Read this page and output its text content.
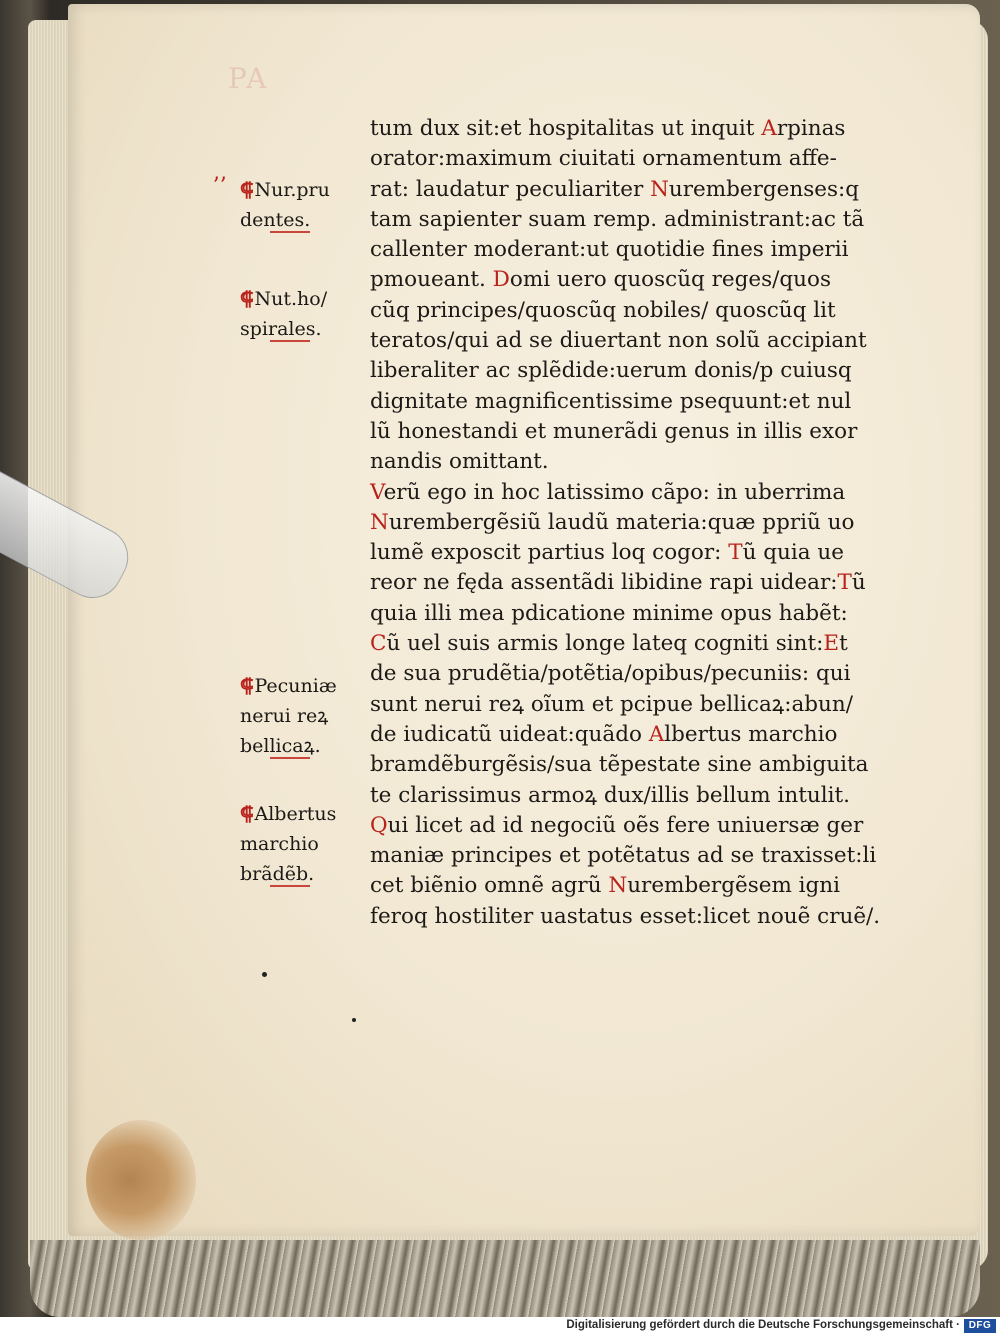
PA
ʼʼ
tum dux sit:et hospitalitas ut inquit Arpinas
orator:maximum ciuitati ornamentum affe-
rat: laudatur peculiariter Nurembergenses:q
tam sapienter suam remp. administrant:ac tã
callenter moderant:ut quotidie fines imperii
pmoueant. Domi uero quoscũq reges/quos
cũq principes/quoscũq nobiles/ quoscũq lit
teratos/qui ad se diuertant non solũ accipiant
liberaliter ac splẽdide:uerum donis/p cuiusq
dignitate magnificentissime psequunt:et nul
lũ honestandi et munerãdi genus in illis exor
nandis omittant.
Verũ ego in hoc latissimo cãpo: in uberrima
Nurembergẽsiũ laudũ materia:quæ ppriũ uo
lumẽ exposcit partius loq cogor: Tũ quia ue
reor ne fęda assentãdi libidine rapi uidear:Tũ
quia illi mea pdicatione minime opus habẽt:
Cũ uel suis armis longe lateq cogniti sint:Et
de sua prudẽtia/potẽtia/opibus/pecuniis: qui
sunt nerui reꝝ oĩum et pcipue bellicaꝝ:abun/
de iudicatũ uideat:quãdo Albertus marchio
bramdẽburgẽsis/sua tẽpestate sine ambiguita
te clarissimus armoꝝ dux/illis bellum intulit.
Qui licet ad id negociũ oẽs fere uniuersæ ger
maniæ principes et potẽtatus ad se traxisset:li
cet biẽnio omnẽ agrũ Nurembergẽsem igni
feroq hostiliter uastatus esset:licet nouẽ cruẽ/.
⸿Nur.pru
dentes.
⸿Nut.ho/
spirales.
⸿Pecuniæ
nerui reꝝ
bellicaꝝ.
⸿Albertus
marchio
brãdẽb.
Digitalisierung gefördert durch die Deutsche Forschungsgemeinschaft · DFG
